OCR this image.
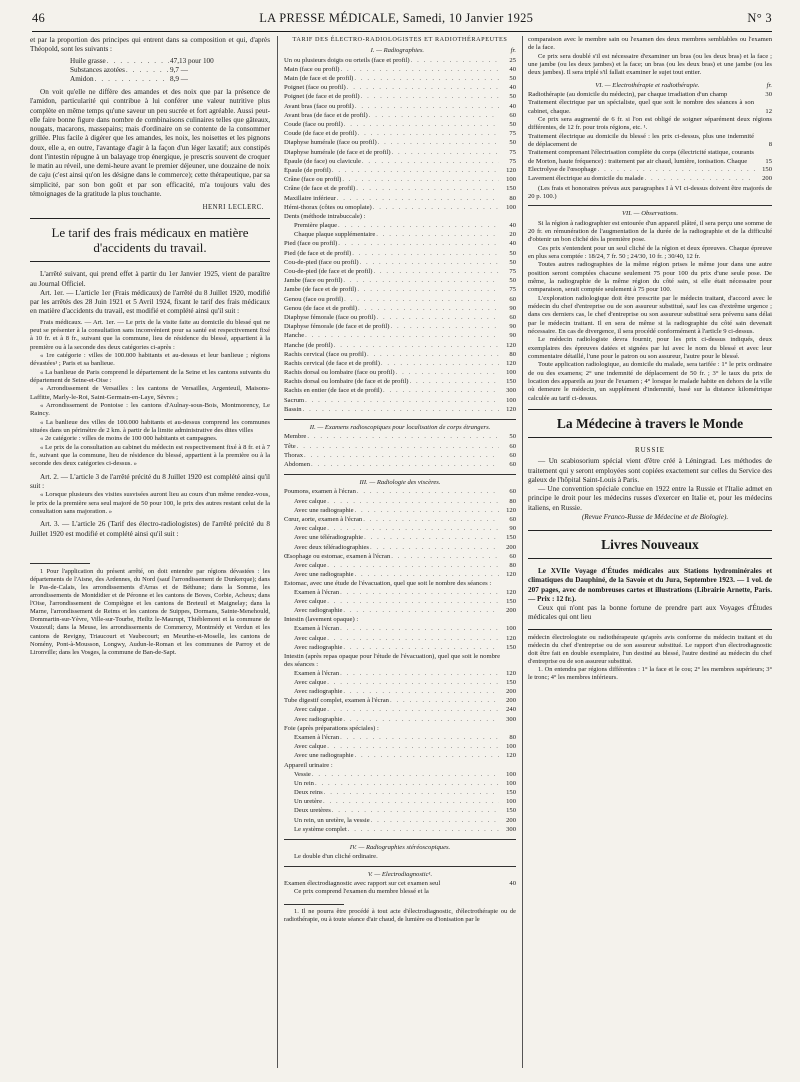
46	LA PRESSE MÉDICALE, Samedi, 10 Janvier 1925	N° 3

et par la proportion des principes qui entrent dans sa composition et qui, d'après Théopold, sont les suivants :

Huile grasse . . .	47,13 pour 100
Substances azotées . . .	9,7 —
Amidon . . .	8,9 —

On voit qu'elle ne diffère des amandes et des noix que par la présence de l'amidon, particularité qui contribue à lui conférer une valeur nutritive plus complète en même temps qu'une saveur un peu sucrée et fort agréable. Aussi peut-elle faire bonne figure dans nombre de combinaisons culinaires telles que gâteaux, nougats, macarons, massepains; mais d'ordinaire on se contente de la consommer grillée. Plus facile à digérer que les amandes, les noix, les noisettes et les pignons doux, elle a, en outre, l'avantage d'agir à la façon d'un léger laxatif; aux constipés dont l'intestin répugne à un balayage trop énergique, je prescris souvent de croquer le matin au réveil, une demi-heure avant le premier déjeuner, une douzaine de noix de caju (c'est ainsi qu'on les désigne dans le commerce); cette thérapeutique, par sa simplicité, par son bon goût et par son efficacité, m'a toujours valu des témoignages de la gratitude la plus touchante.

HENRI LECLERC.
Le tarif des frais médicaux en matière d'accidents du travail.

L'arrêté suivant, qui prend effet à partir du 1er Janvier 1925, vient de paraître au Journal Officiel.

Art. 1er. — L'article 1er (Frais médicaux) de l'arrêté du 8 Juillet 1920, modifié par les arrêtés des 28 Juin 1921 et 5 Avril 1924, fixant le tarif des frais médicaux en matière d'accidents du travail, est modifié et complété ainsi qu'il suit :

Frais médicaux. — Art. 1er. — Le prix de la visite faite au domicile du blessé qui ne peut se présenter à la consultation sans inconvénient pour sa santé est respectivement fixé à 10 fr. et à 8 fr., suivant que la commune, lieu de résidence du blessé, appartient à la première ou à la seconde des deux catégories ci-après :

« 1re catégorie : villes de 100.000 habitants et au-dessus et leur banlieue ; régions dévastées¹ ; Paris et sa banlieue.

« La banlieue de Paris comprend le département de la Seine et les cantons suivants du département de Seine-et-Oise :

« Arrondissement de Versailles : les cantons de Versailles, Argenteuil, Maisons-Laffitte, Marly-le-Roi, Saint-Germain-en-Laye, Sèvres ;

« Arrondissement de Pontoise : les cantons d'Aulnay-sous-Bois, Montmorency, Le Raincy.

« La banlieue des villes de 100.000 habitants et au-dessus comprend les communes situées dans un périmètre de 2 km. à partir de la limite administrative des dites villes

« 2e catégorie : villes de moins de 100 000 habitants et campagnes.

« Le prix de la consultation au cabinet du médecin est respectivement fixé à 8 fr. et à 7 fr., suivant que la commune, lieu de résidence du blessé, appartient à la première ou à la seconde des deux catégories ci-dessus. »

Art. 2. — L'article 3 de l'arrêté précité du 8 Juillet 1920 est complété ainsi qu'il suit :

« Lorsque plusieurs des visites susvisées auront lieu au cours d'un même rendez-vous, le prix de la première sera seul majoré de 50 pour 100, le prix des autres restant celui de la consultation sans majoration. »

Art. 3. — L'article 26 (Tarif des électro-radiologistes) de l'arrêté précité du 8 Juillet 1920 est modifié et complété ainsi qu'il suit :

1 Pour l'application du présent arrêté, on doit entendre par régions dévastées : les départements de l'Aisne, des Ardennes, du Nord (sauf l'arrondissement de Dunkerque); dans le Pas-de-Calais, les arrondissements d'Arras et de Béthune; dans la Somme, les arrondissements de Montdidier et de Péronne et les cantons de Boves, Corbie, Acheux; dans l'Oise, l'arrondissement de Compiègne et les cantons de Breteuil et Maignelay; dans la Marne, l'arrondissement de Reims et les cantons de Suippes, Dormans, Sainte-Menehould, Dommartin-sur-Yèvre, Ville-sur-Tourbe, Heiltz le-Maurupt, Thiéblemont et la commune de Vouzeuil; dans la Meuse, les arrondissements de Commercy, Montmédy et Verdun et les cantons de Revigny, Triaucourt et Vaubecourt; en Meurthe-et-Moselle, les cantons de Nomény, Pont-à-Mousson, Longwy, Audun-le-Roman et les communes de Parroy et de Lironville; dans les Vosges, la commune de Ban-de-Sapt.

TARIF DES ÉLECTRO-RADIOLOGISTES ET RADIOTHÉRAPEUTES
I. — Radiographies.	fr.
Un ou plusieurs doigts ou orteils (face et profil) . . .	25
Main (face ou profil) . . .	40
Main (de face et de profil) . . .	50
Poignet (face ou profil) . . .	40
Poignet (de face et de profil) . . .	50
Avant bras (face ou profil) . . .	40
Avant bras (de face et de profil) . . .	60
Coude (face ou profil) . . .	50
Coude (de face et de profil) . . .	75
Diaphyse humérale (face ou profil) . . .	50
Diaphyse humérale (de face et de profil) . . .	75
Épaule (de face) ou clavicule . . .	75
Épaule (de profil) . . .	120
Crâne (face ou profil) . . .	100
Crâne (de face et de profil) . . .	150
Maxillaire inférieur . . .	80
Hémi-thorax (côtes ou omoplate) . . .	100
Dents (méthode intrabuccale) :
Première plaque . . .	40
Chaque plaque supplémentaire . . .	20
Pied (face ou profil) . . .	40
Pied (de face et de profil) . . .	50
Cou-de-pied (face ou profil) . . .	50
Cou-de-pied (de face et de profil) . . .	75
Jambe (face ou profil) . . .	50
Jambe (de face et de profil) . . .	75
Genou (face ou profil) . . .	60
Genou (de face et de profil) . . .	90
Diaphyse fémorale (face ou profil) . . .	60
Diaphyse fémorale (de face et de profil) . . .	90
Hanche . . .	90
Hanche (de profil) . . .	120
Rachis cervical (face ou profil) . . .	80
Rachis cervical (de face et de profil) . . .	120
Rachis dorsal ou lombaire (face ou profil) . . .	100
Rachis dorsal ou lombaire (de face et de profil) . . .	150
Rachis en entier (de face et de profil) . . .	300
Sacrum . . .	100
Bassin . . .	120
II. — Examens radioscopiques pour localisation de corps étrangers.
Membre . . .	50
Tête . . .	60
Thorax . . .	60
Abdomen . . .	60
III. — Radiologie des viscères.
Poumons, examen à l'écran . . .	60
Avec calque . . .	80
Avec une radiographie . . .	120
Cœur, aorte, examen à l'écran . . .	60
Avec calque . . .	90
Avec une téléradiographie . . .	150
Avec deux téléradiographies . . .	200
Œsophage ou estomac, examen à l'écran . . .	60
Avec calque . . .	80
Avec une radiographie . . .	120
Estomac, avec une étude de l'évacuation, quel que soit le nombre des séances :
Examen à l'écran . . .	120
Avec calque . . .	150
Avec radiographie . . .	200
Intestin (lavement opaque) :
Examen à l'écran . . .	100
Avec calque . . .	120
Avec radiographie . . .	150
Intestin (après repas opaque pour l'étude de l'évacuation), quel que soit le nombre des séances :
Examen à l'écran . . .	120
Avec calque . . .	150
Avec radiographie . . .	200
Tube digestif complet, examen à l'écran . . .	200
Avec calque . . .	240
Avec radiographie . . .	300
Foie (après préparations spéciales) :
Examen à l'écran . . .	80
Avec calque . . .	100
Avec une radiographie . . .	120
Appareil urinaire :
Vessie . . .	100
Un rein . . .	100
Deux reins . . .	150
Un uretère . . .	100
Deux uretères . . .	150
Un rein, un uretère, la vessie . . .	200
Le système complet . . .	300
IV. — Radiographies stéréoscopiques.

Le double d'un cliché ordinaire.

V. — Electrodiagnostic¹.
Examen électrodiagnostic avec rapport sur cet examen seul	40
Ce prix comprend l'examen du membre blessé et la

1. Il ne pourra être procédé à tout acte d'électrodiagnostic, d'électrothérapie ou de radiothérapie, ou à toute séance d'air chaud, de lumière ou d'ionisation par le

comparaison avec le membre sain ou l'examen des deux membres semblables ou l'examen de la face.

Ce prix sera doublé s'il est nécessaire d'examiner un bras (ou les deux bras) et la face ; une jambe (ou les deux jambes) et la face; un bras (ou les deux bras) et une jambe (ou les deux jambes). Il sera triplé s'il fallait examiner le sujet tout entier.

VI. — Electrothérapie et radiothérapie.	fr.

Radiothérapie (au domicile du médecin), par chaque irradiation d'un champ	30

Traitement électrique par un spécialiste, quel que soit le nombre des séances à son cabinet, chaque.	12

Ce prix sera augmenté de 6 fr. si l'on est obligé de soigner séparément deux régions différentes, de 12 fr. pour trois régions, etc. ¹.

Traitement électrique au domicile du blessé : les prix ci-dessus, plus une indemnité de déplacement de	8

Traitement comprenant l'électrisation complète du corps (électricité statique, courants de Morton, haute fréquence) : traitement par air chaud, lumière, ionisation. Chaque	15
Electrolyse de l'œsophage . . .	150
Lavement électrique au domicile du malade . . .	200

(Les frais et honoraires prévus aux paragraphes I à VI ci-dessus doivent être majorés de 20 p. 100.)

VII. — Observations.

Si la région à radiographier est entourée d'un appareil plâtré, il sera perçu une somme de 20 fr. en rémunération de l'augmentation de la durée de la radiographie et de la difficulté d'obtenir un bon cliché dès la première pose.

Ces prix s'entendent pour un seul cliché de la région et deux épreuves. Chaque épreuve en plus sera comptée : 18/24, 7 fr. 50 ; 24/30, 10 fr. ; 30/40, 12 fr.

Toutes autres radiographies de la même région prises le même jour dans une autre position seront comptées chacune seulement 75 pour 100 du prix d'une seule pose. De même, la radiographie de la même région du côté sain, si elle était nécessaire pour comparaison, serait comptée seulement à 75 pour 100.

L'exploration radiologique doit être prescrite par le médecin traitant, d'accord avec le médecin du chef d'entreprise ou de son assureur substitué, sauf les cas d'extrême urgence ; dans ces derniers cas, le chef d'entreprise ou son assureur substitué sera prévenu sans délai par le médecin traitant. Il en sera de même si la radiographie du côté sain devenait nécessaire. En cas de divergence, il sera procédé conformément à l'article 9 ci-dessus.

Le médecin radiologiste devra fournir, pour les prix ci-dessus indiqués, deux exemplaires des épreuves datées et signées par lui avec le nom du blessé et avec leur commentaire détaillé, l'une pour le patron ou son assureur, l'autre pour le blessé.

Toute application radiologique, au domicile du malade, sera tarifée : 1° le prix ordinaire de ou des examens; 2° une indemnité de déplacement de 50 fr. ; 3° le taux du prix de location des appareils au jour de l'examen ; 4° lorsque le malade habite en dehors de la ville où demeure le médecin, un supplément d'indemnité, basé sur la distance kilométrique calculée au tarif ci-dessus.

La Médecine à travers le Monde
RUSSIE

— Un scabiosorium spécial vient d'être créé à Léningrad. Les méthodes de traitement qui y seront employées sont copiées exactement sur celles du Service des galeux de l'hôpital Saint-Louis à Paris.

— Une convention spéciale conclue en 1922 entre la Russie et l'Italie admet en principe le droit pour les médecins russes d'exercer en Italie et, pour les médecins italiens, en Russie.

(Revue Franco-Russe de Médecine et de Biologie).

Livres Nouveaux

Le XVIIe Voyage d'Études médicales aux Stations hydrominérales et climatiques du Dauphiné, de la Savoie et du Jura, Septembre 1923. — 1 vol. de 207 pages, avec de nombreuses cartes et illustrations (Librairie Arnette, Paris. — Prix : 12 fr.).

Ceux qui n'ont pas la bonne fortune de prendre part aux Voyages d'Études médicales qui ont lieu

médecin électrologiste ou radiothérapeute qu'après avis conforme du médecin traitant et du médecin du chef d'entreprise ou de son assureur substitué. Le rapport d'un électrodiagnostic doit être fait en double exemplaire, l'un destiné au blessé, l'autre destiné au médecin du chef d'entreprise ou de son assureur substitué.

1. On entendra par régions différentes : 1° la face et le cou; 2° les membres supérieurs; 3° le tronc; 4° les membres inférieurs.
